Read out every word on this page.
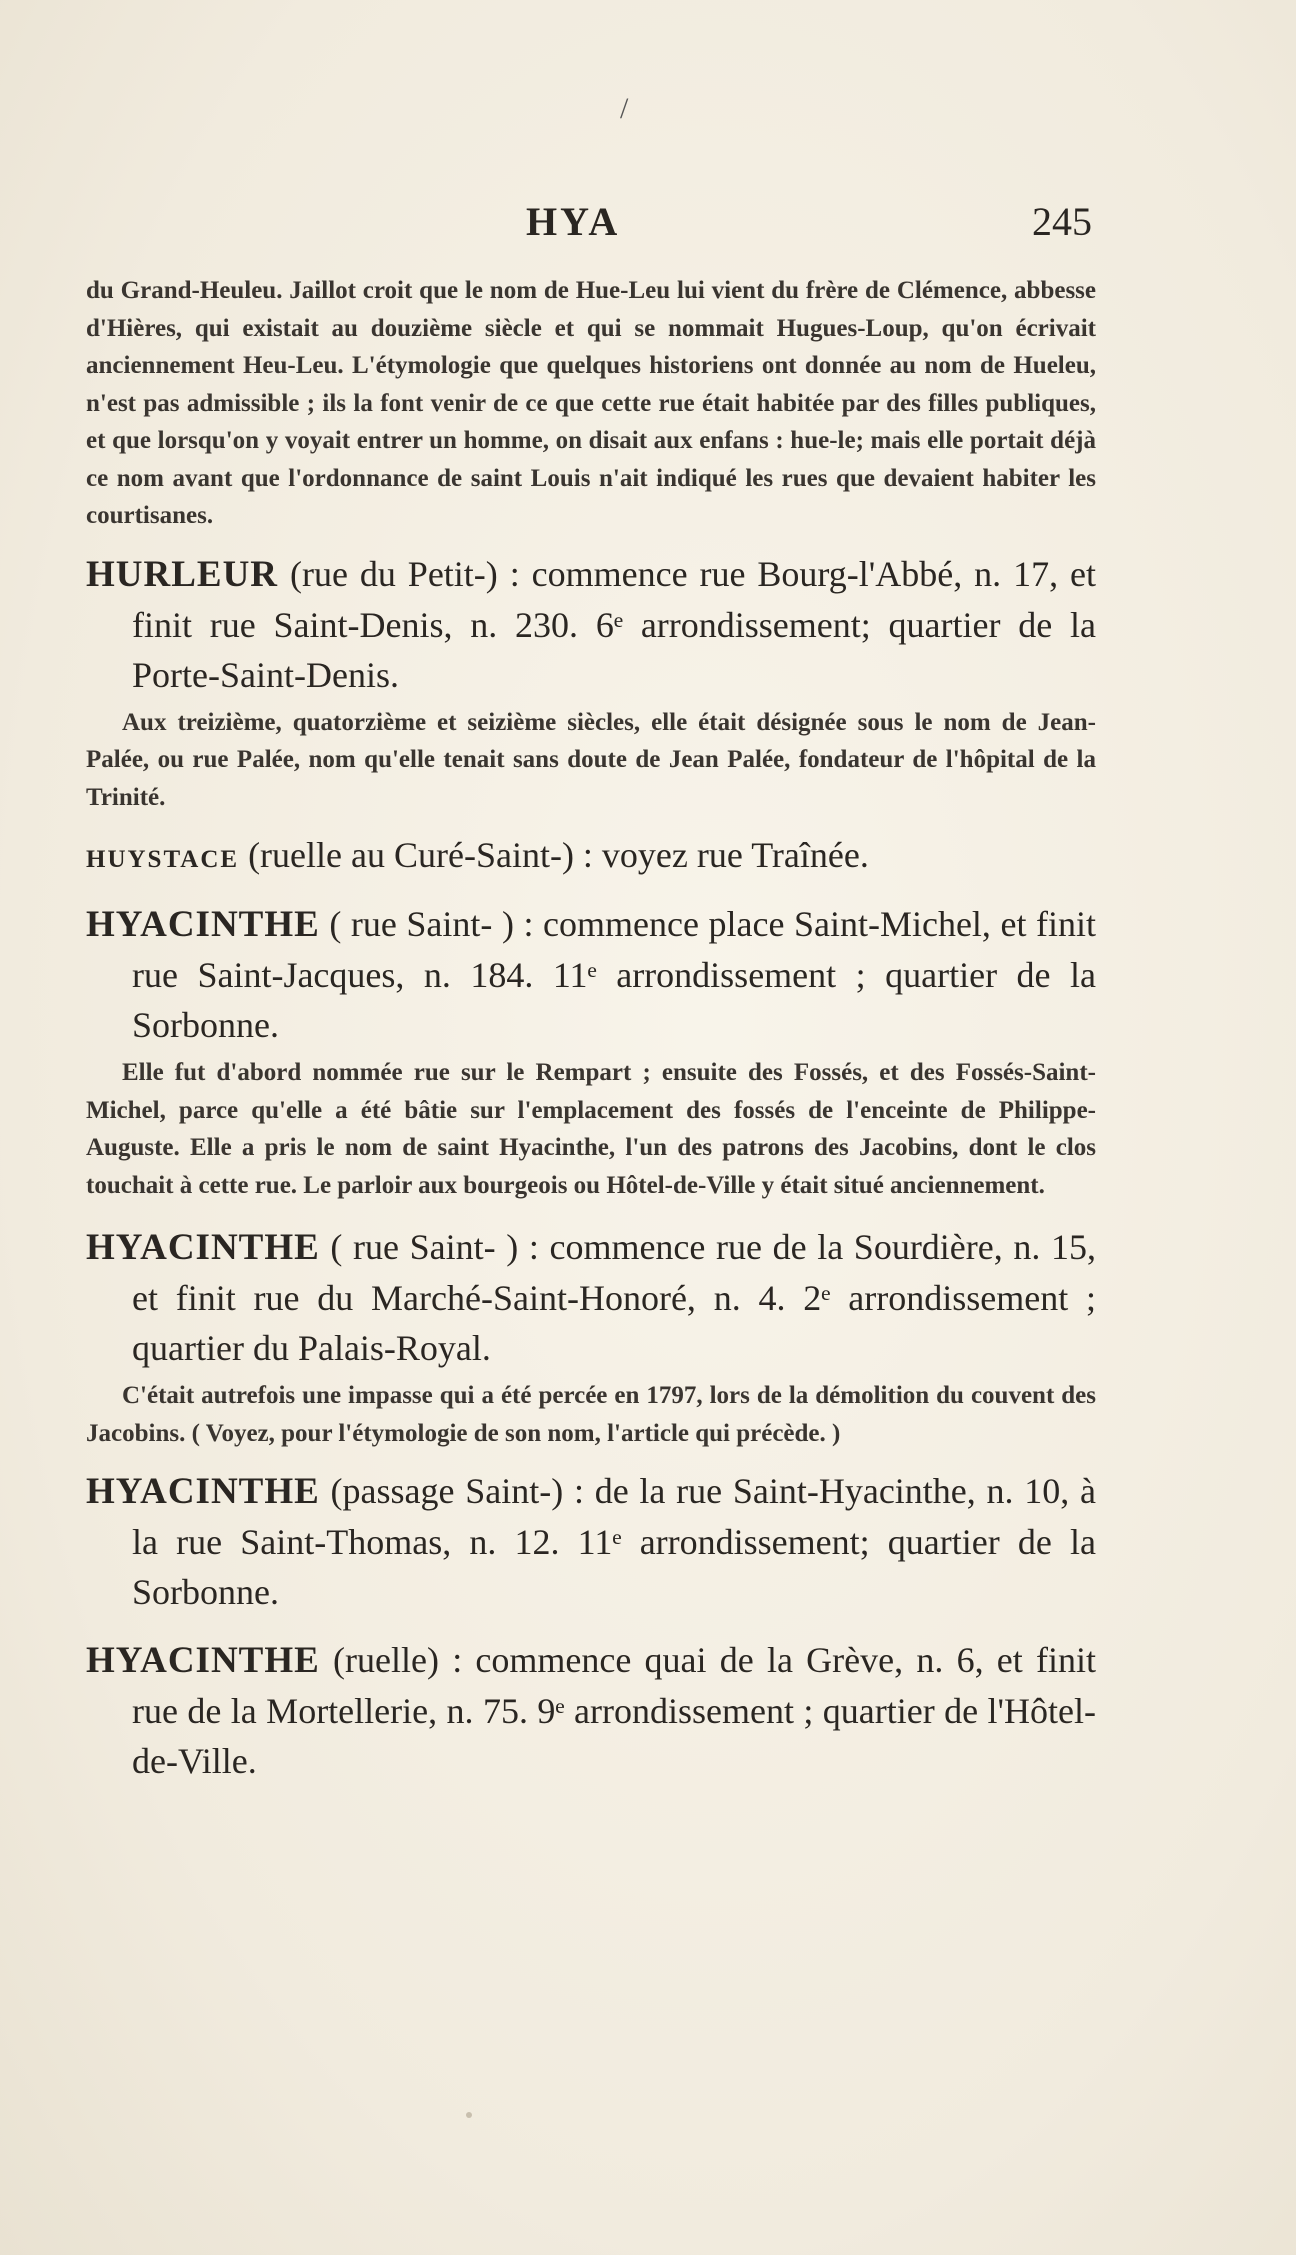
/
HYA	245

du Grand-Heuleu. Jaillot croit que le nom de Hue-Leu lui vient du frère de Clémence, abbesse d'Hières, qui existait au douzième siècle et qui se nommait Hugues-Loup, qu'on écrivait anciennement Heu-Leu. L'étymologie que quelques historiens ont donnée au nom de Hueleu, n'est pas admissible ; ils la font venir de ce que cette rue était habitée par des filles publiques, et que lorsqu'on y voyait entrer un homme, on disait aux enfans : hue-le; mais elle portait déjà ce nom avant que l'ordonnance de saint Louis n'ait indiqué les rues que devaient habiter les courtisanes.

HURLEUR (rue du Petit-) : commence rue Bourg-l'Abbé, n. 17, et finit rue Saint-Denis, n. 230. 6ᵉ arrondissement; quartier de la Porte-Saint-Denis.

Aux treizième, quatorzième et seizième siècles, elle était désignée sous le nom de Jean-Palée, ou rue Palée, nom qu'elle tenait sans doute de Jean Palée, fondateur de l'hôpital de la Trinité.

HUYSTACE (ruelle au Curé-Saint-) : voyez rue Traînée.

HYACINTHE ( rue Saint- ) : commence place Saint-Michel, et finit rue Saint-Jacques, n. 184. 11ᵉ arrondissement ; quartier de la Sorbonne.

Elle fut d'abord nommée rue sur le Rempart ; ensuite des Fossés, et des Fossés-Saint-Michel, parce qu'elle a été bâtie sur l'emplacement des fossés de l'enceinte de Philippe-Auguste. Elle a pris le nom de saint Hyacinthe, l'un des patrons des Jacobins, dont le clos touchait à cette rue. Le parloir aux bourgeois ou Hôtel-de-Ville y était situé anciennement.

HYACINTHE ( rue Saint- ) : commence rue de la Sourdière, n. 15, et finit rue du Marché-Saint-Honoré, n. 4. 2ᵉ arrondissement ; quartier du Palais-Royal.

C'était autrefois une impasse qui a été percée en 1797, lors de la démolition du couvent des Jacobins. ( Voyez, pour l'étymologie de son nom, l'article qui précède. )

HYACINTHE (passage Saint-) : de la rue Saint-Hyacinthe, n. 10, à la rue Saint-Thomas, n. 12. 11ᵉ arrondissement; quartier de la Sorbonne.

HYACINTHE (ruelle) : commence quai de la Grève, n. 6, et finit rue de la Mortellerie, n. 75. 9ᵉ arrondissement ; quartier de l'Hôtel-de-Ville.
